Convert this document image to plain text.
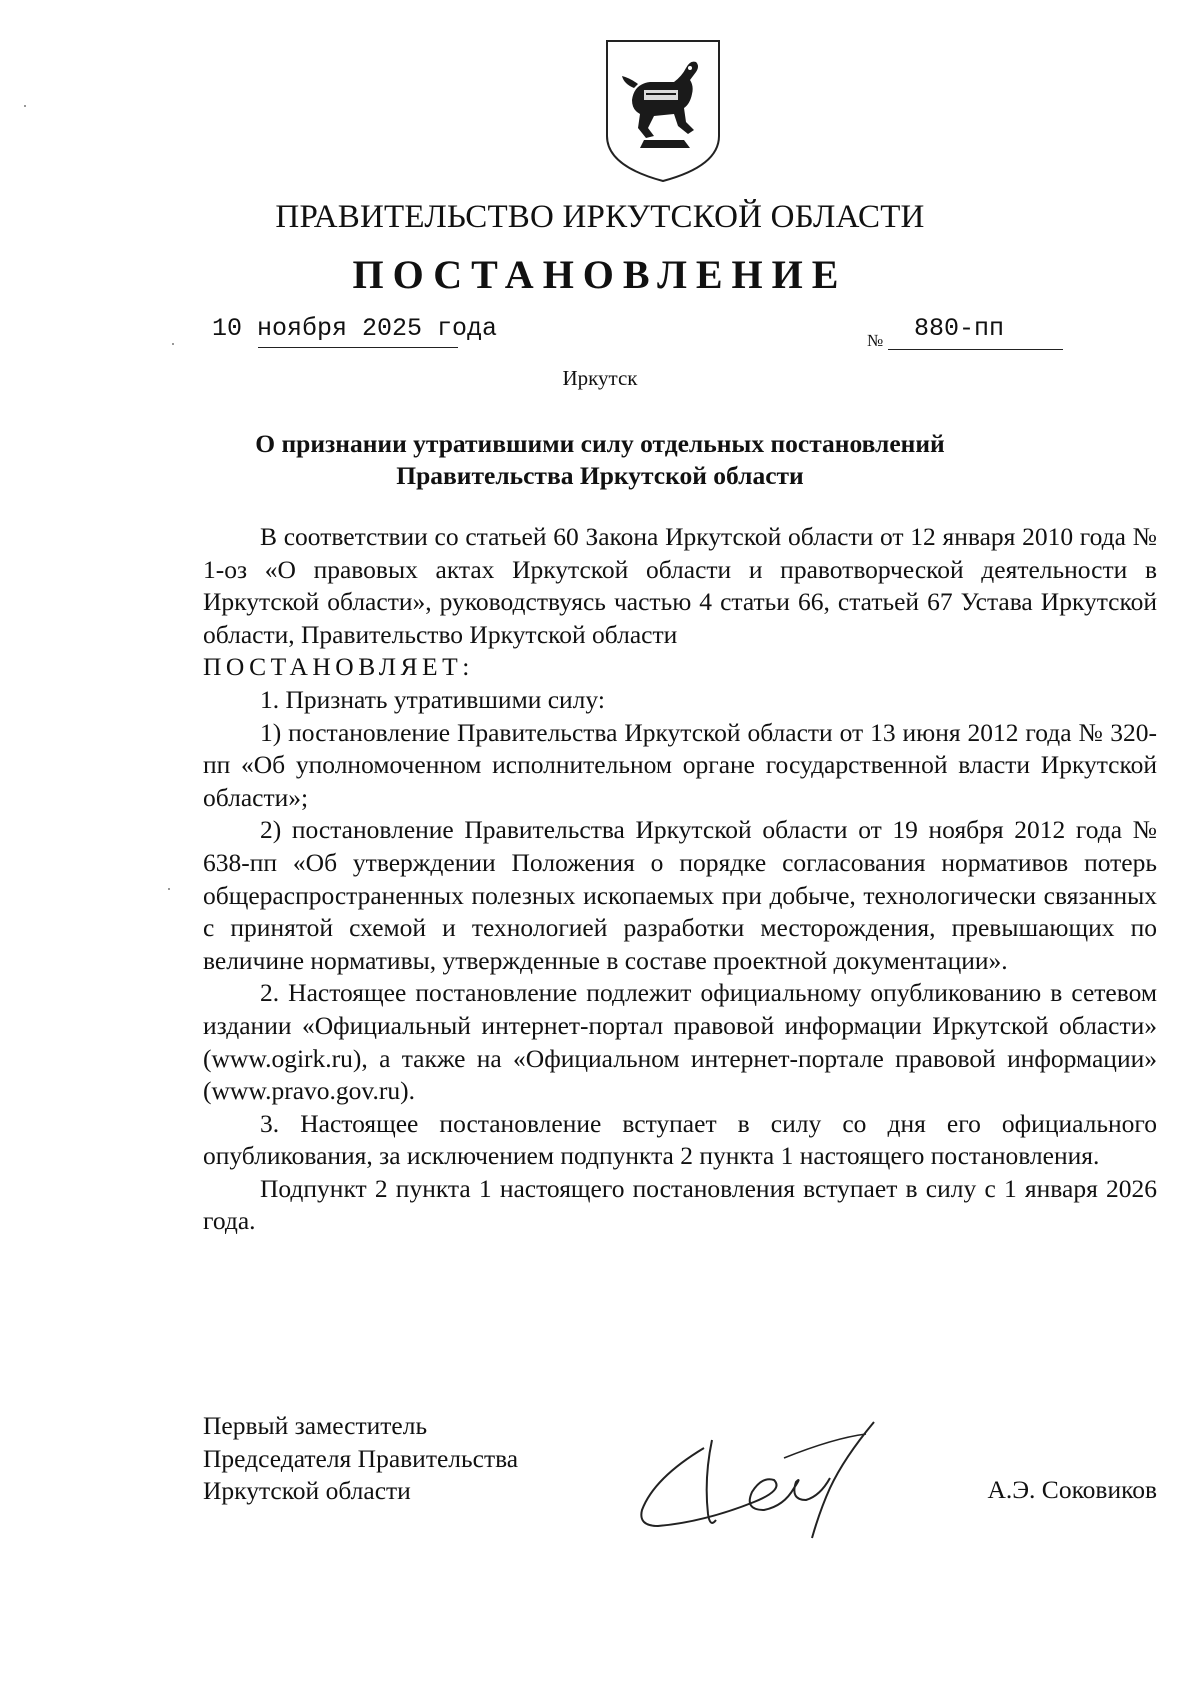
ПРАВИТЕЛЬСТВО ИРКУТСКОЙ ОБЛАСТИ
ПОСТАНОВЛЕНИЕ
10 ноября 2025 года	№ 880-пп
Иркутск
О признании утратившими силу отдельных постановлений
Правительства Иркутской области

В соответствии со статьей 60 Закона Иркутской области от 12 января 2010 года № 1-оз «О правовых актах Иркутской области и правотворческой деятельности в Иркутской области», руководствуясь частью 4 статьи 66, статьей 67 Устава Иркутской области, Правительство Иркутской области

ПОСТАНОВЛЯЕТ:

1. Признать утратившими силу:

1) постановление Правительства Иркутской области от 13 июня 2012 года № 320-пп «Об уполномоченном исполнительном органе государственной власти Иркутской области»;

2) постановление Правительства Иркутской области от 19 ноября 2012 года № 638-пп «Об утверждении Положения о порядке согласования нормативов потерь общераспространенных полезных ископаемых при добыче, технологически связанных с принятой схемой и технологией разработки месторождения, превышающих по величине нормативы, утвержденные в составе проектной документации».

2. Настоящее постановление подлежит официальному опубликованию в сетевом издании «Официальный интернет-портал правовой информации Иркутской области» (www.ogirk.ru), а также на «Официальном интернет-портале правовой информации» (www.pravo.gov.ru).

3. Настоящее постановление вступает в силу со дня его официального опубликования, за исключением подпункта 2 пункта 1 настоящего постановления.

Подпункт 2 пункта 1 настоящего постановления вступает в силу с 1 января 2026 года.

Первый заместитель
Председателя Правительства
Иркутской области	А.Э. Соковиков
